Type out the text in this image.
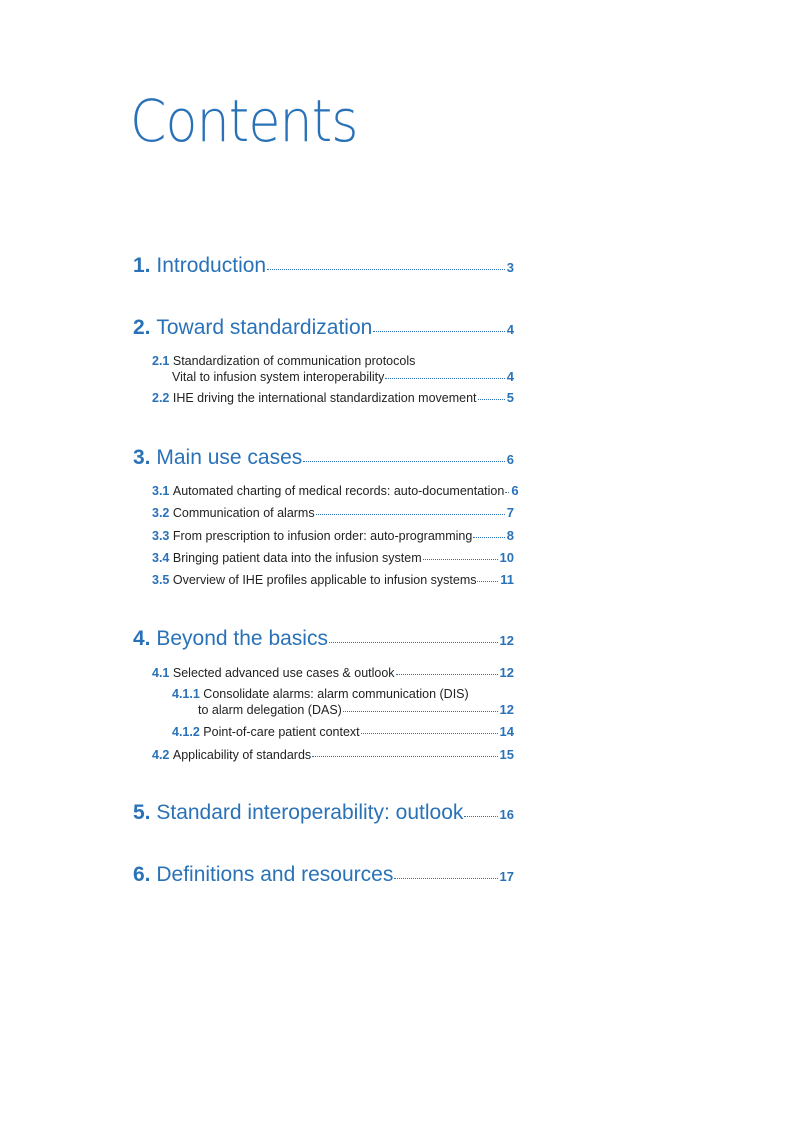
Contents
1.
Introduction	3
2.
Toward standardization	4
2.1 Standardization of communication protocols
Vital to infusion system interoperability	4
2.2
IHE driving the international standardization movement 5
3.
Main use cases	6
3.1
Automated charting of medical records: auto-documentation 6
3.2
Communication of alarms	7
3.3
From prescription to infusion order: auto-programming	8
3.4
Bringing patient data into the infusion system	10
3.5
Overview of IHE profiles applicable to infusion systems 11
4.
Beyond the basics	12
4.1
Selected advanced use cases & outlook	12
4.1.1 Consolidate alarms: alarm communication (DIS)
to alarm delegation (DAS)	12
4.1.2
Point-of-care patient context	14
4.2
Applicability of standards	15
5.
Standard interoperability: outlook	16
6.
Definitions and resources	17
